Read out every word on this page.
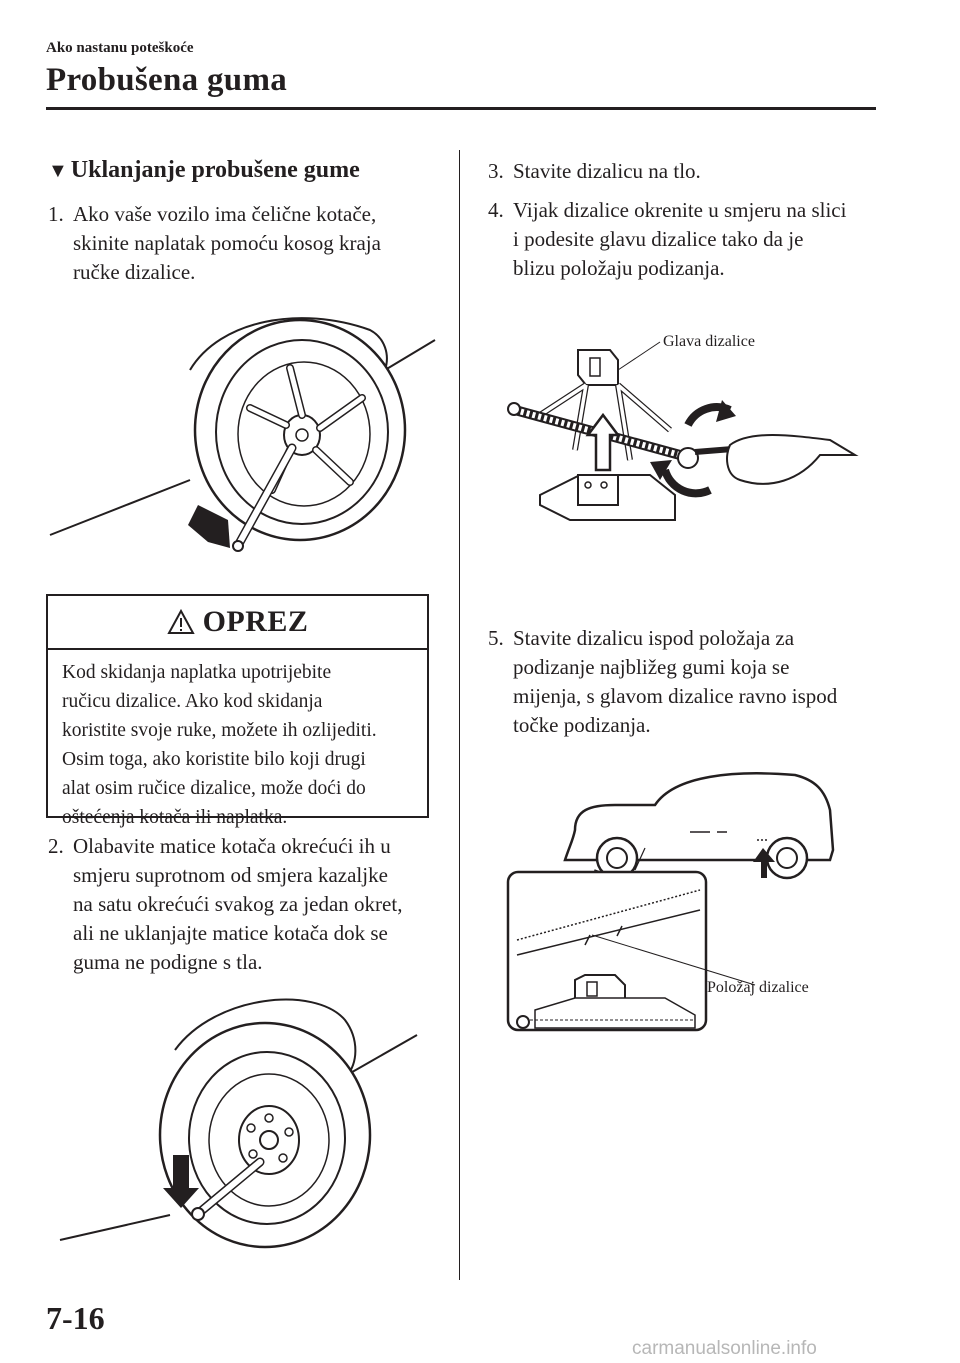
Ako nastanu poteškoće
Probušena guma
▼ Uklanjanje probušene gume
1. Ako vaše vozilo ima čelične kotače,
skinite naplatak pomoću kosog kraja
ručke dizalice.
OPREZ
Kod skidanja naplatka upotrijebite
ručicu dizalice. Ako kod skidanja
koristite svoje ruke, možete ih ozlijediti.
Osim toga, ako koristite bilo koji drugi
alat osim ručice dizalice, može doći do
oštećenja kotača ili naplatka.
2. Olabavite matice kotača okrećući ih u
smjeru suprotnom od smjera kazaljke
na satu okrećući svakog za jedan okret,
ali ne uklanjajte matice kotača dok se
guma ne podigne s tla.
3. Stavite dizalicu na tlo.
4. Vijak dizalice okrenite u smjeru na slici
i podesite glavu dizalice tako da je
blizu položaju podizanja.
Glava dizalice
5. Stavite dizalicu ispod položaja za
podizanje najbližeg gumi koja se
mijenja, s glavom dizalice ravno ispod
točke podizanja.
Položaj dizalice
7-16
carmanualsonline.info
